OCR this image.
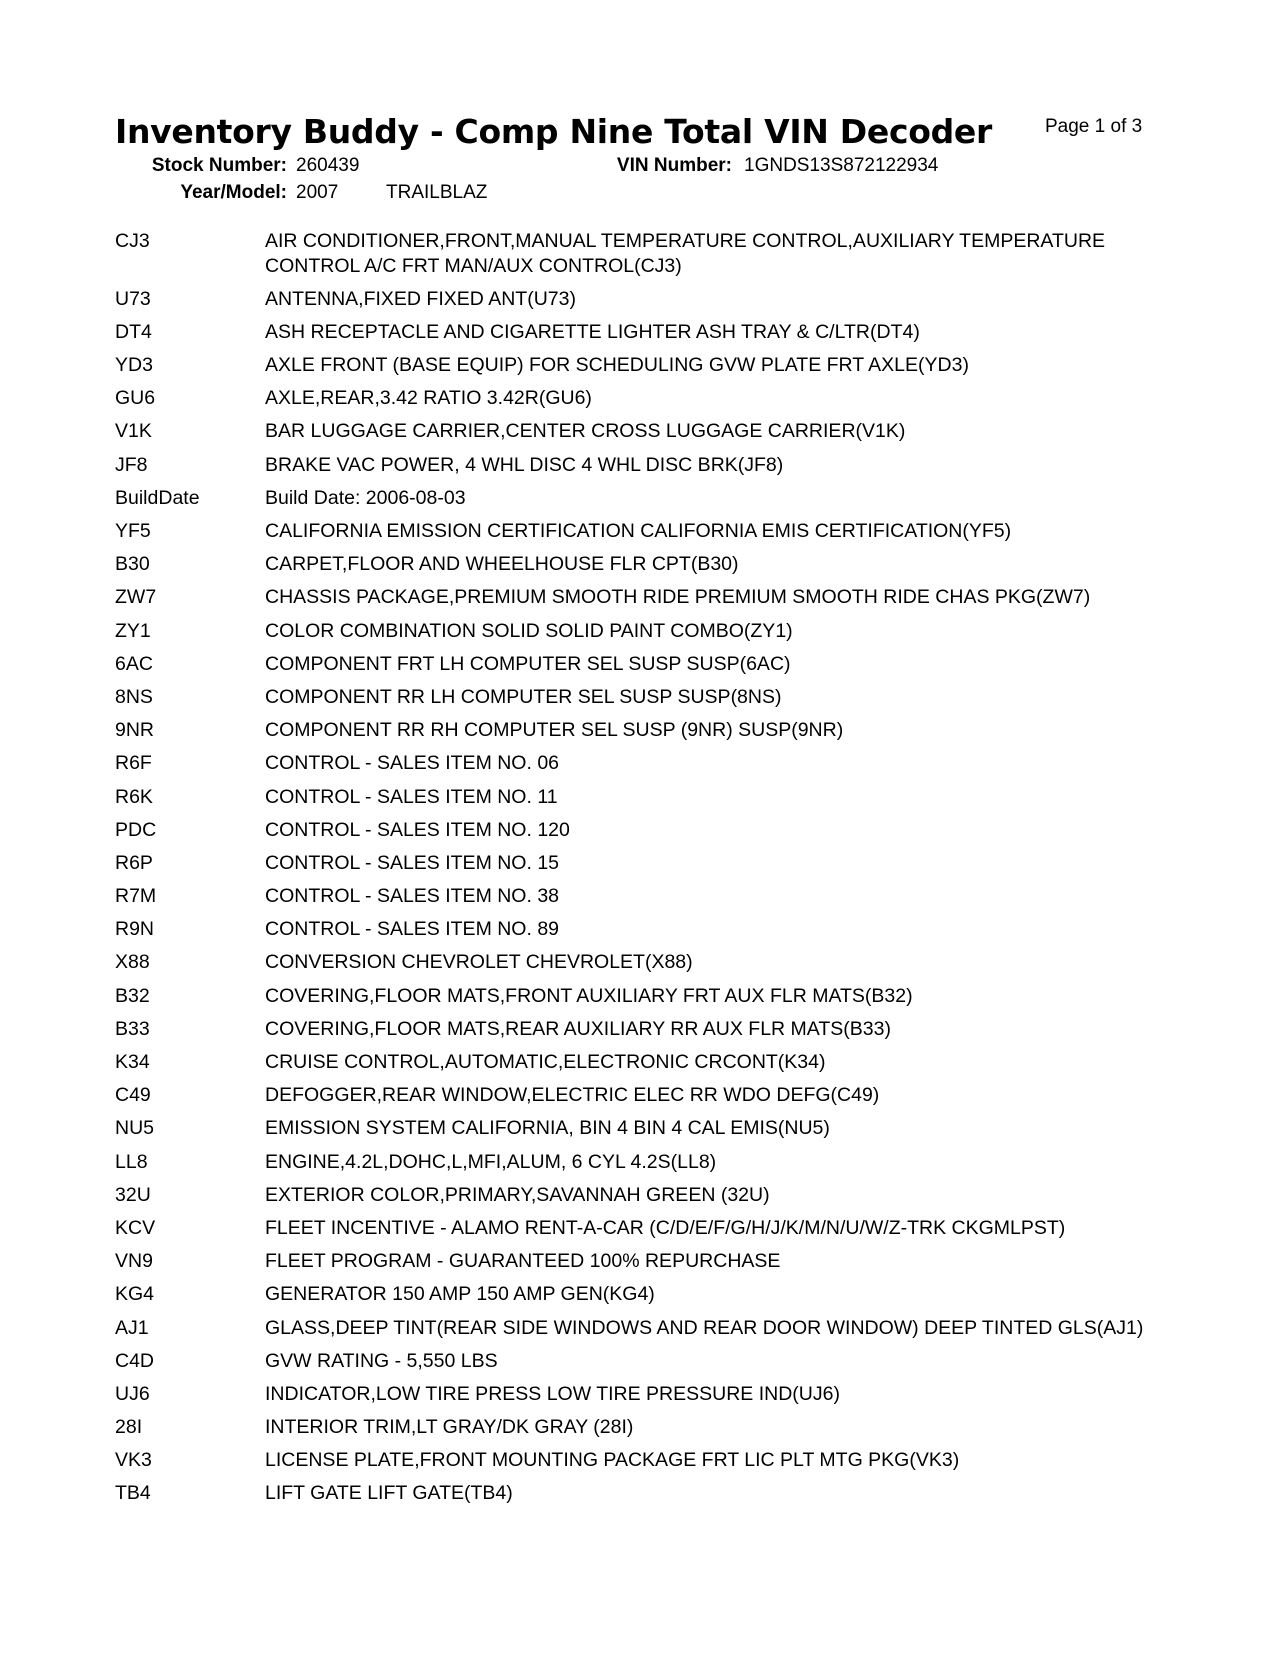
Inventory Buddy - Comp Nine Total VIN Decoder	Page 1 of 3
Stock Number: 260439	VIN Number: 1GNDS13S872122934
Year/Model: 2007	TRAILBLAZ
CJ3	AIR CONDITIONER,FRONT,MANUAL TEMPERATURE CONTROL,AUXILIARY TEMPERATURE CONTROL A/C FRT MAN/AUX CONTROL(CJ3)
U73	ANTENNA,FIXED FIXED ANT(U73)
DT4	ASH RECEPTACLE AND CIGARETTE LIGHTER ASH TRAY & C/LTR(DT4)
YD3	AXLE FRONT (BASE EQUIP) FOR SCHEDULING GVW PLATE FRT AXLE(YD3)
GU6	AXLE,REAR,3.42 RATIO 3.42R(GU6)
V1K	BAR LUGGAGE CARRIER,CENTER CROSS LUGGAGE CARRIER(V1K)
JF8	BRAKE VAC POWER, 4 WHL DISC 4 WHL DISC BRK(JF8)
BuildDate	Build Date: 2006-08-03
YF5	CALIFORNIA EMISSION CERTIFICATION CALIFORNIA EMIS CERTIFICATION(YF5)
B30	CARPET,FLOOR AND WHEELHOUSE FLR CPT(B30)
ZW7	CHASSIS PACKAGE,PREMIUM SMOOTH RIDE PREMIUM SMOOTH RIDE CHAS PKG(ZW7)
ZY1	COLOR COMBINATION SOLID SOLID PAINT COMBO(ZY1)
6AC	COMPONENT FRT LH COMPUTER SEL SUSP SUSP(6AC)
8NS	COMPONENT RR LH COMPUTER SEL SUSP SUSP(8NS)
9NR	COMPONENT RR RH COMPUTER SEL SUSP (9NR) SUSP(9NR)
R6F	CONTROL - SALES ITEM NO. 06
R6K	CONTROL - SALES ITEM NO. 11
PDC	CONTROL - SALES ITEM NO. 120
R6P	CONTROL - SALES ITEM NO. 15
R7M	CONTROL - SALES ITEM NO. 38
R9N	CONTROL - SALES ITEM NO. 89
X88	CONVERSION CHEVROLET CHEVROLET(X88)
B32	COVERING,FLOOR MATS,FRONT AUXILIARY FRT AUX FLR MATS(B32)
B33	COVERING,FLOOR MATS,REAR AUXILIARY RR AUX FLR MATS(B33)
K34	CRUISE CONTROL,AUTOMATIC,ELECTRONIC CRCONT(K34)
C49	DEFOGGER,REAR WINDOW,ELECTRIC ELEC RR WDO DEFG(C49)
NU5	EMISSION SYSTEM CALIFORNIA, BIN 4 BIN 4 CAL EMIS(NU5)
LL8	ENGINE,4.2L,DOHC,L,MFI,ALUM, 6 CYL 4.2S(LL8)
32U	EXTERIOR COLOR,PRIMARY,SAVANNAH GREEN (32U)
KCV	FLEET INCENTIVE - ALAMO RENT-A-CAR (C/D/E/F/G/H/J/K/M/N/U/W/Z-TRK CKGMLPST)
VN9	FLEET PROGRAM - GUARANTEED 100% REPURCHASE
KG4	GENERATOR 150 AMP 150 AMP GEN(KG4)
AJ1	GLASS,DEEP TINT(REAR SIDE WINDOWS AND REAR DOOR WINDOW) DEEP TINTED GLS(AJ1)
C4D	GVW RATING - 5,550 LBS
UJ6	INDICATOR,LOW TIRE PRESS LOW TIRE PRESSURE IND(UJ6)
28I	INTERIOR TRIM,LT GRAY/DK GRAY (28I)
VK3	LICENSE PLATE,FRONT MOUNTING PACKAGE FRT LIC PLT MTG PKG(VK3)
TB4	LIFT GATE LIFT GATE(TB4)
